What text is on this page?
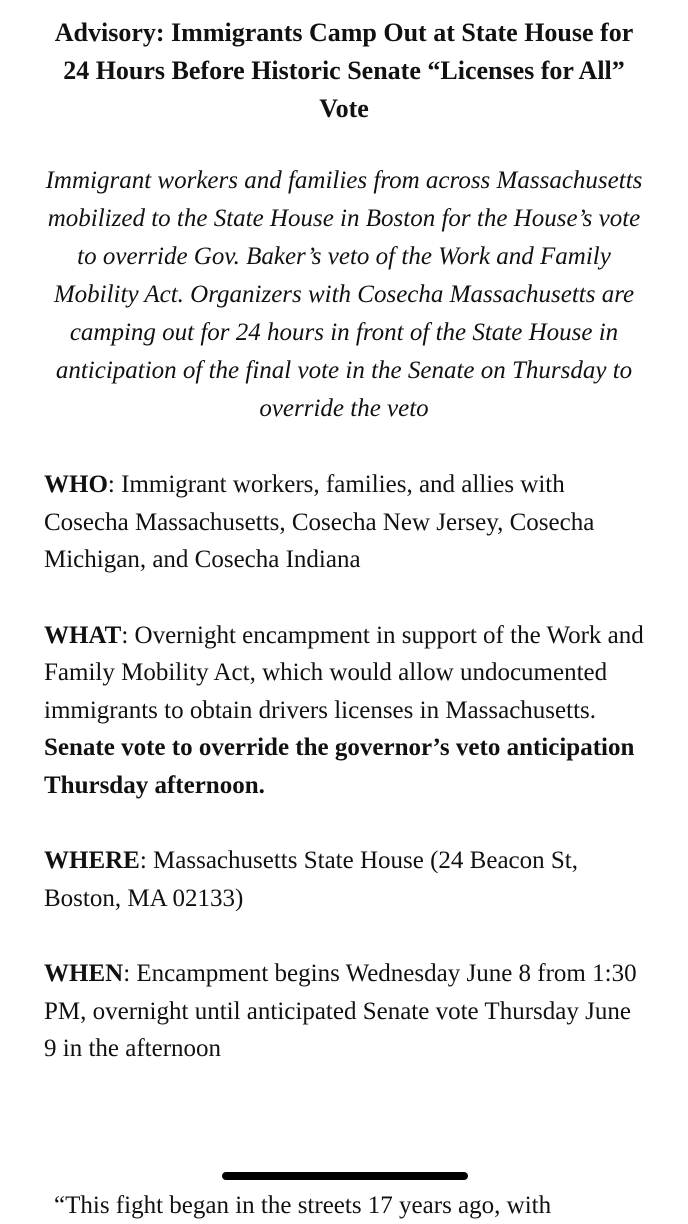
Advisory: Immigrants Camp Out at State House for 24 Hours Before Historic Senate “Licenses for All” Vote
Immigrant workers and families from across Massachusetts mobilized to the State House in Boston for the House’s vote to override Gov. Baker’s veto of the Work and Family Mobility Act. Organizers with Cosecha Massachusetts are camping out for 24 hours in front of the State House in anticipation of the final vote in the Senate on Thursday to override the veto
WHO: Immigrant workers, families, and allies with Cosecha Massachusetts, Cosecha New Jersey, Cosecha Michigan, and Cosecha Indiana
WHAT: Overnight encampment in support of the Work and Family Mobility Act, which would allow undocumented immigrants to obtain drivers licenses in Massachusetts. Senate vote to override the governor’s veto anticipation Thursday afternoon.
WHERE: Massachusetts State House (24 Beacon St, Boston, MA 02133)
WHEN: Encampment begins Wednesday June 8 from 1:30 PM, overnight until anticipated Senate vote Thursday June 9 in the afternoon
“This fight began in the streets 17 years ago, with
